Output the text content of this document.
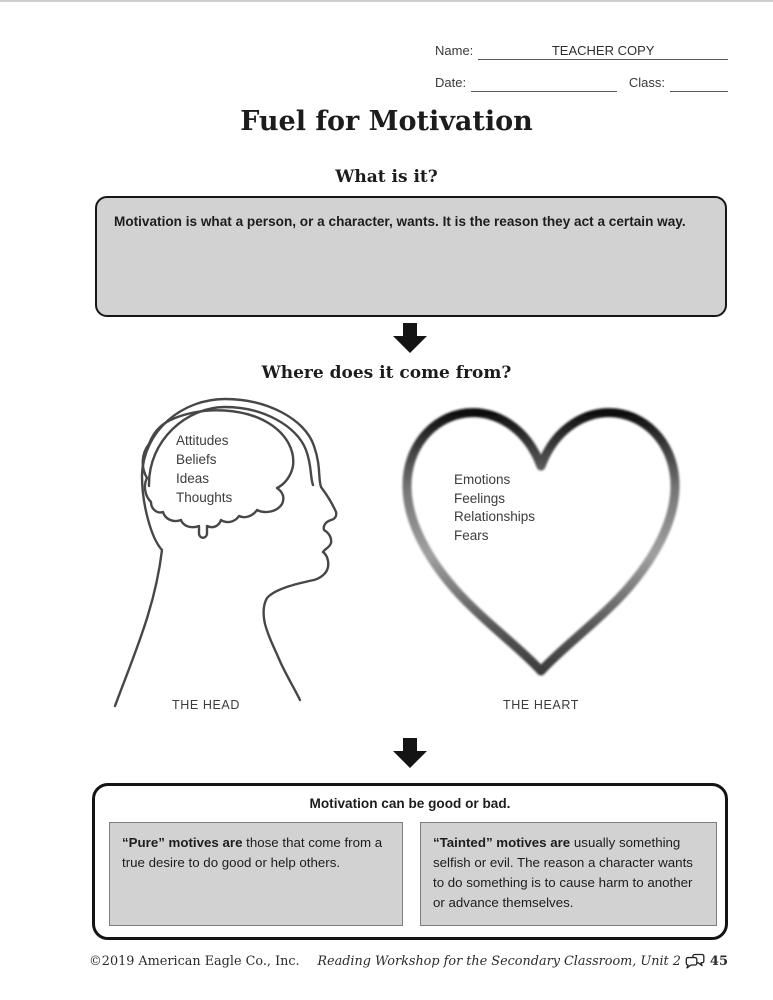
Name:	TEACHER COPY
Date:	Class:
Fuel for Motivation
What is it?
Motivation is what a person, or a character, wants. It is the reason they act a certain way.
Where does it come from?
Attitudes
Beliefs
Ideas
Thoughts
THE HEAD
Emotions
Feelings
Relationships
Fears
THE HEART
Motivation can be good or bad.
“Pure” motives are those that come from a true desire to do good or help others.
“Tainted” motives are usually something selfish or evil. The reason a character wants to do something is to cause harm to another or advance themselves.
©2019 American Eagle Co., Inc. Reading Workshop for the Secondary Classroom, Unit 2 45
